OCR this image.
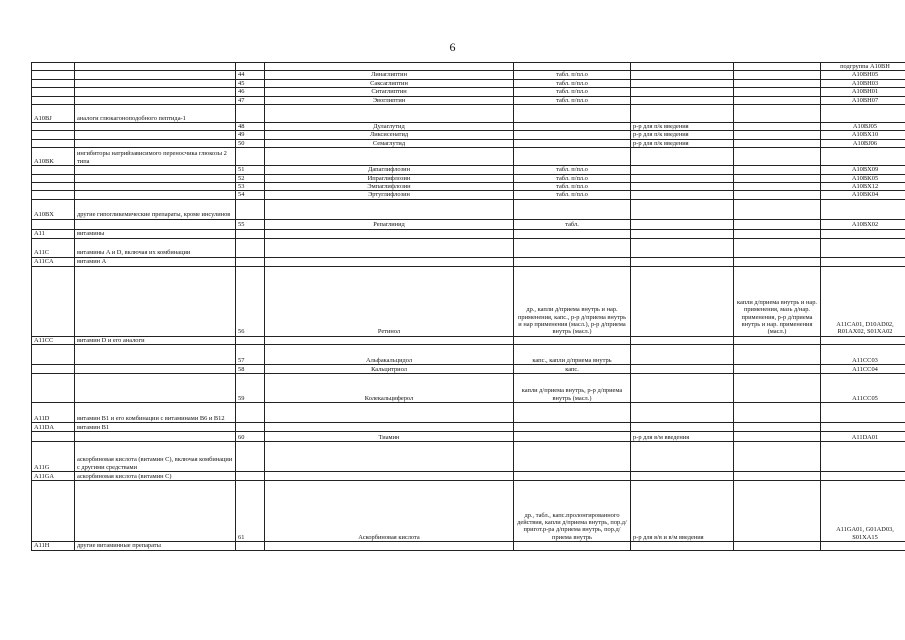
6
							подгруппа A10BH
		44	Линаглиптин	табл. п/пл.о			A10BH05
		45	Саксаглиптин	табл. п/пл.о			A10BH03
		46	Ситаглиптин	табл. п/пл.о			A10BH01
		47	Эвоглиптин	табл. п/пл.о			A10BH07
A10BJ	аналоги глюкагоноподобного пептида-1						
		48	Дулаглутид		р-р для п/к введения		A10BJ05
		49	Ликсисенатид		р-р для п/к введения		A10BX10
		50	Семаглутид		р-р для п/к введения		A10BJ06
A10BK	ингибиторы натрийзависимого переносчика глюкозы 2 типа						
		51	Дапаглифлозин	табл. п/пл.о			A10BX09
		52	Ипраглифлозин	табл. п/пл.о			A10BK05
		53	Эмпаглифлозин	табл. п/пл.о			A10BX12
		54	Эртуглифлозин	табл. п/пл.о			A10BK04
A10BX	другие гипогликемические препараты, кроме инсулинов						
		55	Репаглинид	табл.			A10BX02
A11	витамины						
A11C	витамины A и D, включая их комбинации						
A11CA	витамин A						
		56	Ретинол	др., капли д/приема внутрь и нар. применения, капс., р-р д/приема внутрь и нар применения (масл.), р-р д/приема внутрь (масл.)		капли д/приема внутрь и нар. применения, мазь д/нар. применения, р-р д/приема внутрь и нар. применения (масл.)	A11CA01, D10AD02, R01AX02, S01XA02
A11CC	витамин D и его аналоги						
		57	Альфакальцидол	капс., капли д/приема внутрь			A11CC03
		58	Кальцитриол	капс.			A11CC04
		59	Колекальциферол	капли д/приема внутрь, р-р д/приема внутрь (масл.)			A11CC05
A11D	витамин B1 и его комбинации с витаминами B6 и B12						
A11DA	витамин B1						
		60	Тиамин		р-р для в/м введения		A11DA01
A11G	аскорбиновая кислота (витамин C), включая комбинации с другими средствами						
A11GA	аскорбиновая кислота (витамин C)						
		61	Аскорбиновая кислота	др., табл., капс.пролонгированного действия, капли д/приема внутрь, пор.д/пригот.р-ра д/приема внутрь, пор.д/приема внутрь	р-р для в/в и в/м введения		A11GA01, G01AD03, S01XA15
A11H	другие витаминные препараты						
